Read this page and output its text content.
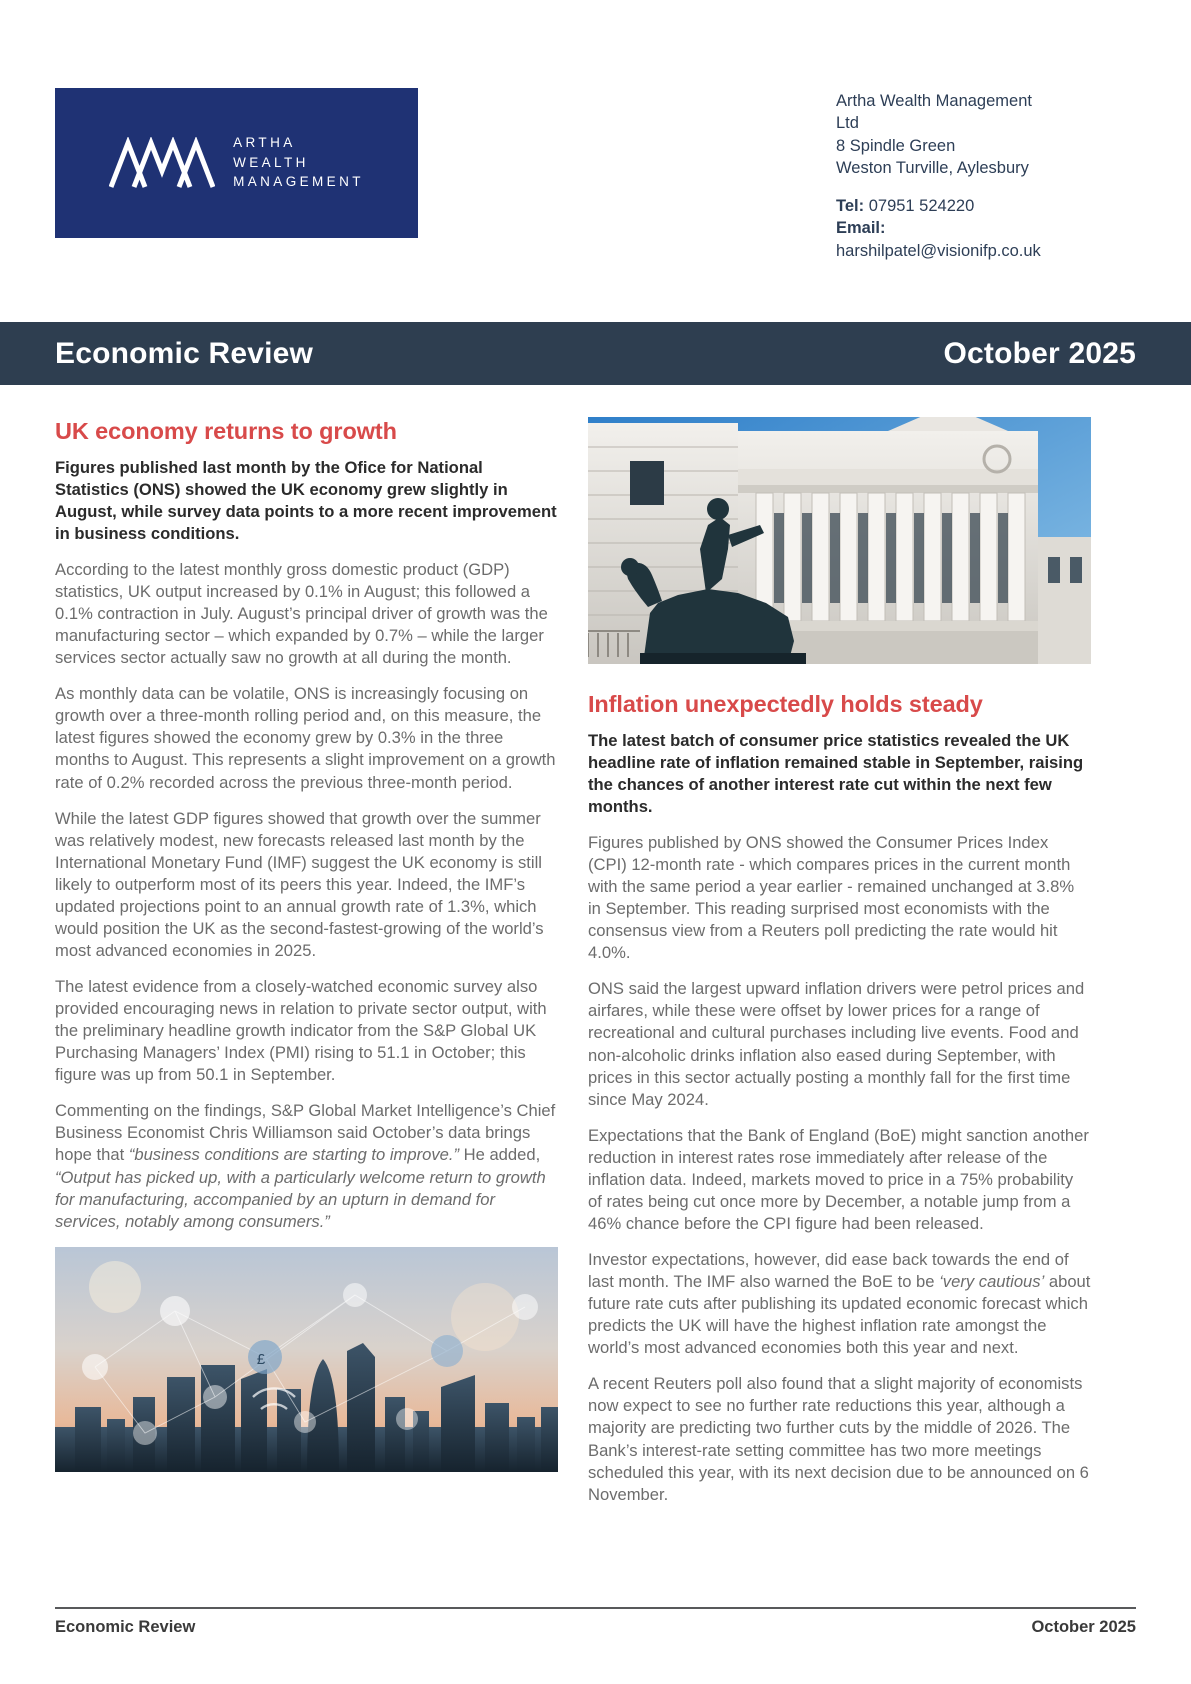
ARTHA
WEALTH
MANAGEMENT
Artha Wealth Management
Ltd
8 Spindle Green
Weston Turville, Aylesbury
Tel: 07951 524220
Email:
harshilpatel@visionifp.co.uk
Economic Review	October 2025
UK economy returns to growth

Figures published last month by the Ofice for National Statistics (ONS) showed the UK economy grew slightly in August, while survey data points to a more recent improvement in business conditions.

According to the latest monthly gross domestic product (GDP) statistics, UK output increased by 0.1% in August; this followed a 0.1% contraction in July. August’s principal driver of growth was the manufacturing sector – which expanded by 0.7% – while the larger services sector actually saw no growth at all during the month.

As monthly data can be volatile, ONS is increasingly focusing on growth over a three-month rolling period and, on this measure, the latest figures showed the economy grew by 0.3% in the three months to August. This represents a slight improvement on a growth rate of 0.2% recorded across the previous three-month period.

While the latest GDP figures showed that growth over the summer was relatively modest, new forecasts released last month by the International Monetary Fund (IMF) suggest the UK economy is still likely to outperform most of its peers this year. Indeed, the IMF’s updated projections point to an annual growth rate of 1.3%, which would position the UK as the second-fastest-growing of the world’s most advanced economies in 2025.

The latest evidence from a closely-watched economic survey also provided encouraging news in relation to private sector output, with the preliminary headline growth indicator from the S&P Global UK Purchasing Managers’ Index (PMI) rising to 51.1 in October; this figure was up from 50.1 in September.

Commenting on the findings, S&P Global Market Intelligence’s Chief Business Economist Chris Williamson said October’s data brings hope that “business conditions are starting to improve.” He added, “Output has picked up, with a particularly welcome return to growth for manufacturing, accompanied by an upturn in demand for services, notably among consumers.”

£
Inflation unexpectedly holds steady

The latest batch of consumer price statistics revealed the UK headline rate of inflation remained stable in September, raising the chances of another interest rate cut within the next few months.

Figures published by ONS showed the Consumer Prices Index (CPI) 12-month rate - which compares prices in the current month with the same period a year earlier - remained unchanged at 3.8% in September. This reading surprised most economists with the consensus view from a Reuters poll predicting the rate would hit 4.0%.

ONS said the largest upward inflation drivers were petrol prices and airfares, while these were offset by lower prices for a range of recreational and cultural purchases including live events. Food and non-alcoholic drinks inflation also eased during September, with prices in this sector actually posting a monthly fall for the first time since May 2024.

Expectations that the Bank of England (BoE) might sanction another reduction in interest rates rose immediately after release of the inflation data. Indeed, markets moved to price in a 75% probability of rates being cut once more by December, a notable jump from a 46% chance before the CPI figure had been released.

Investor expectations, however, did ease back towards the end of last month. The IMF also warned the BoE to be ‘very cautious’ about future rate cuts after publishing its updated economic forecast which predicts the UK will have the highest inflation rate amongst the world’s most advanced economies both this year and next.

A recent Reuters poll also found that a slight majority of economists now expect to see no further rate reductions this year, although a majority are predicting two further cuts by the middle of 2026. The Bank’s interest-rate setting committee has two more meetings scheduled this year, with its next decision due to be announced on 6 November.

Economic Review	October 2025
